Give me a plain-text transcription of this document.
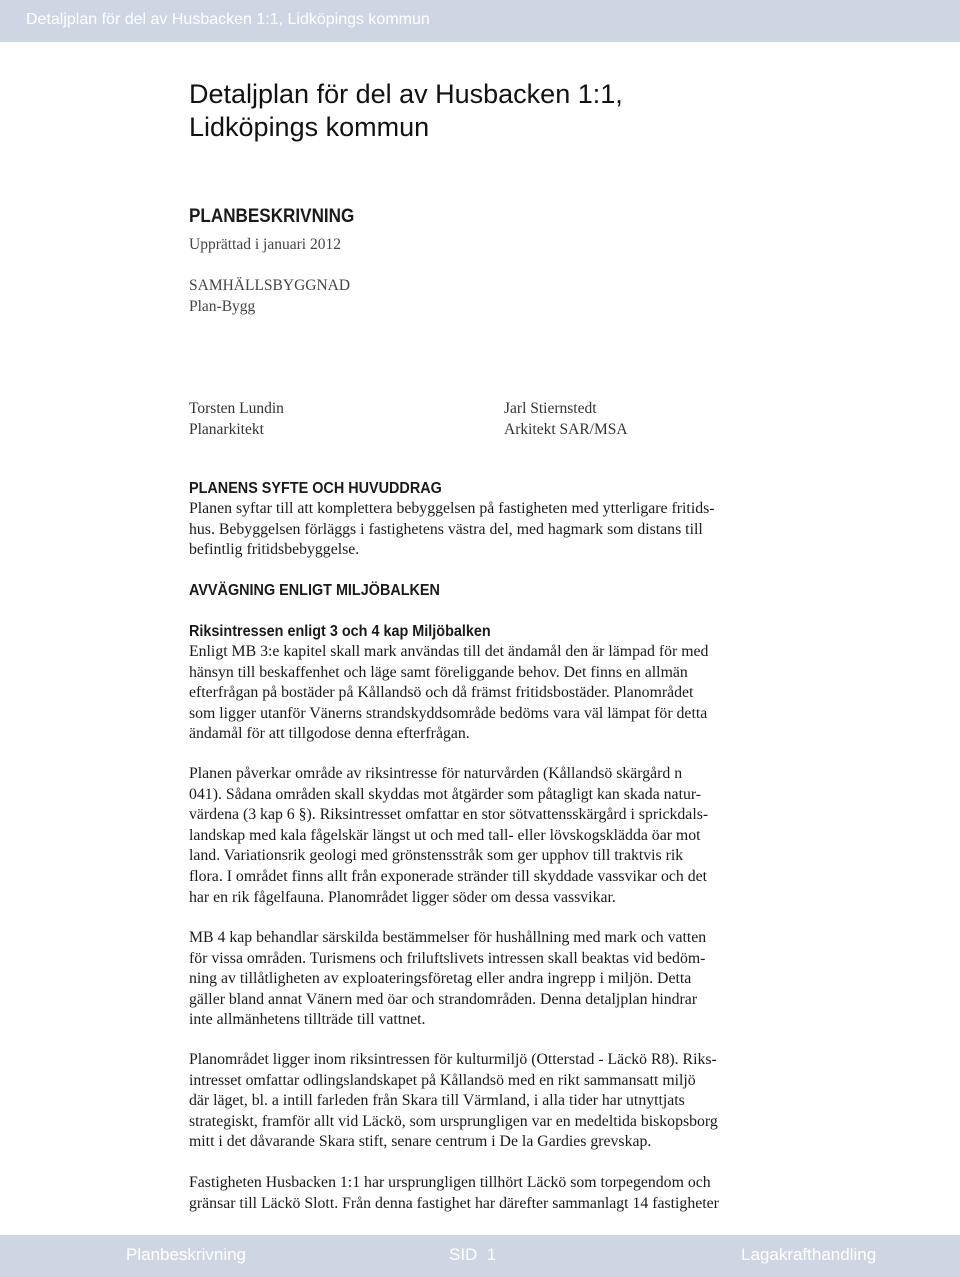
Detaljplan för del av Husbacken 1:1, Lidköpings kommun
Detaljplan för del av Husbacken 1:1,
Lidköpings kommun
PLANBESKRIVNING
Upprättad i januari 2012
SAMHÄLLSBYGGNAD
Plan-Bygg
Torsten Lundin
Planarkitekt
Jarl Stiernstedt
Arkitekt SAR/MSA
PLANENS SYFTE OCH HUVUDDRAG
Planen syftar till att komplettera bebyggelsen på fastigheten med ytterligare fritids-
hus. Bebyggelsen förläggs i fastighetens västra del, med hagmark som distans till
befintlig fritidsbebyggelse.
AVVÄGNING ENLIGT MILJÖBALKEN
Riksintressen enligt 3 och 4 kap Miljöbalken
Enligt MB 3:e kapitel skall mark användas till det ändamål den är lämpad för med
hänsyn till beskaffenhet och läge samt föreliggande behov. Det finns en allmän
efterfrågan på bostäder på Kållandsö och då främst fritidsbostäder. Planområdet
som ligger utanför Vänerns strandskyddsområde bedöms vara väl lämpat för detta
ändamål för att tillgodose denna efterfrågan.
Planen påverkar område av riksintresse för naturvården (Kållandsö skärgård n
041). Sådana områden skall skyddas mot åtgärder som påtagligt kan skada natur-
värdena (3 kap 6 §). Riksintresset omfattar en stor sötvattensskärgård i sprickdals-
landskap med kala fågelskär längst ut och med tall- eller lövskogsklädda öar mot
land. Variationsrik geologi med grönstensstråk som ger upphov till traktvis rik
flora. I området finns allt från exponerade stränder till skyddade vassvikar och det
har en rik fågelfauna. Planområdet ligger söder om dessa vassvikar.
MB 4 kap behandlar särskilda bestämmelser för hushållning med mark och vatten
för vissa områden. Turismens och friluftslivets intressen skall beaktas vid bedöm-
ning av tillåtligheten av exploateringsföretag eller andra ingrepp i miljön. Detta
gäller bland annat Vänern med öar och strandområden. Denna detaljplan hindrar
inte allmänhetens tillträde till vattnet.
Planområdet ligger inom riksintressen för kulturmiljö (Otterstad - Läckö R8). Riks-
intresset omfattar odlingslandskapet på Kållandsö med en rikt sammansatt miljö
där läget, bl. a intill farleden från Skara till Värmland, i alla tider har utnyttjats
strategiskt, framför allt vid Läckö, som ursprungligen var en medeltida biskopsborg
mitt i det dåvarande Skara stift, senare centrum i De la Gardies grevskap.
Fastigheten Husbacken 1:1 har ursprungligen tillhört Läckö som torpegendom och
gränsar till Läckö Slott. Från denna fastighet har därefter sammanlagt 14 fastigheter
Planbeskrivning	SID  1	Lagakrafthandling
